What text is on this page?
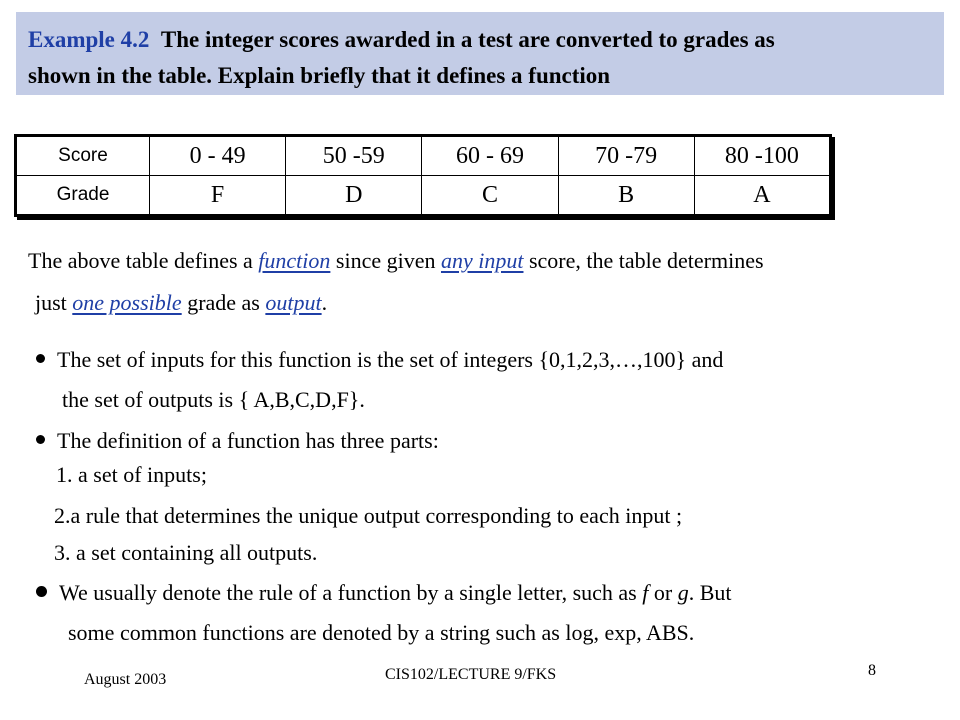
Example 4.2 The integer scores awarded in a test are converted to grades as
shown in the table. Explain briefly that it defines a function
Score	0 - 49	50 -59	60 - 69	70 -79	80 -100
Grade	F	D	C	B	A
The above table defines a function since given any input score, the table determines
just one possible grade as output.
The set of inputs for this function is the set of integers {0,1,2,3,…,100} and
the set of outputs is { A,B,C,D,F}.
The definition of a function has three parts:
1. a set of inputs;
2.a rule that determines the unique output corresponding to each input ;
3. a set containing all outputs.
We usually denote the rule of a function by a single letter, such as f or g. But
some common functions are denoted by a string such as log, exp, ABS.
August 2003	CIS102/LECTURE 9/FKS	8
